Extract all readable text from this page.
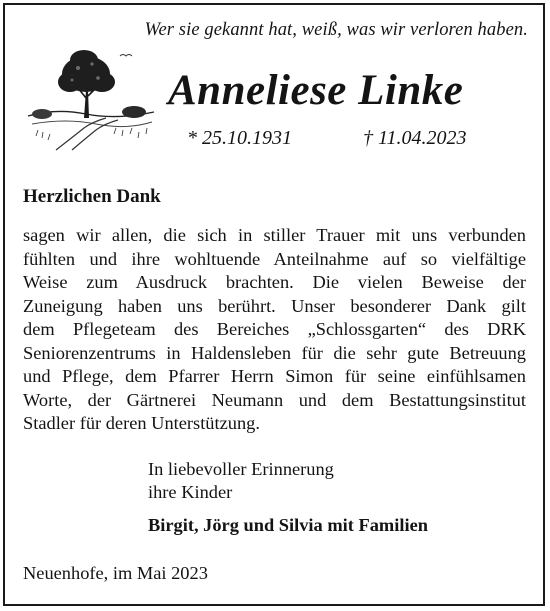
Wer sie gekannt hat, weiß, was wir verloren haben.
Anneliese Linke
* 25.10.1931	† 11.04.2023
Herzlichen Dank
sagen wir allen, die sich in stiller Trauer mit uns verbunden
fühlten und ihre wohltuende Anteilnahme auf so vielfältige
Weise zum Ausdruck brachten. Die vielen Beweise der
Zuneigung haben uns berührt. Unser besonderer Dank gilt
dem Pflegeteam des Bereiches „Schlossgarten“ des DRK
Seniorenzentrums in Haldensleben für die sehr gute Betreuung
und Pflege, dem Pfarrer Herrn Simon für seine einfühlsamen
Worte, der Gärtnerei Neumann und dem Bestattungsinstitut
Stadler für deren Unterstützung.
In liebevoller Erinnerung
ihre Kinder
Birgit, Jörg und Silvia mit Familien
Neuenhofe, im Mai 2023
